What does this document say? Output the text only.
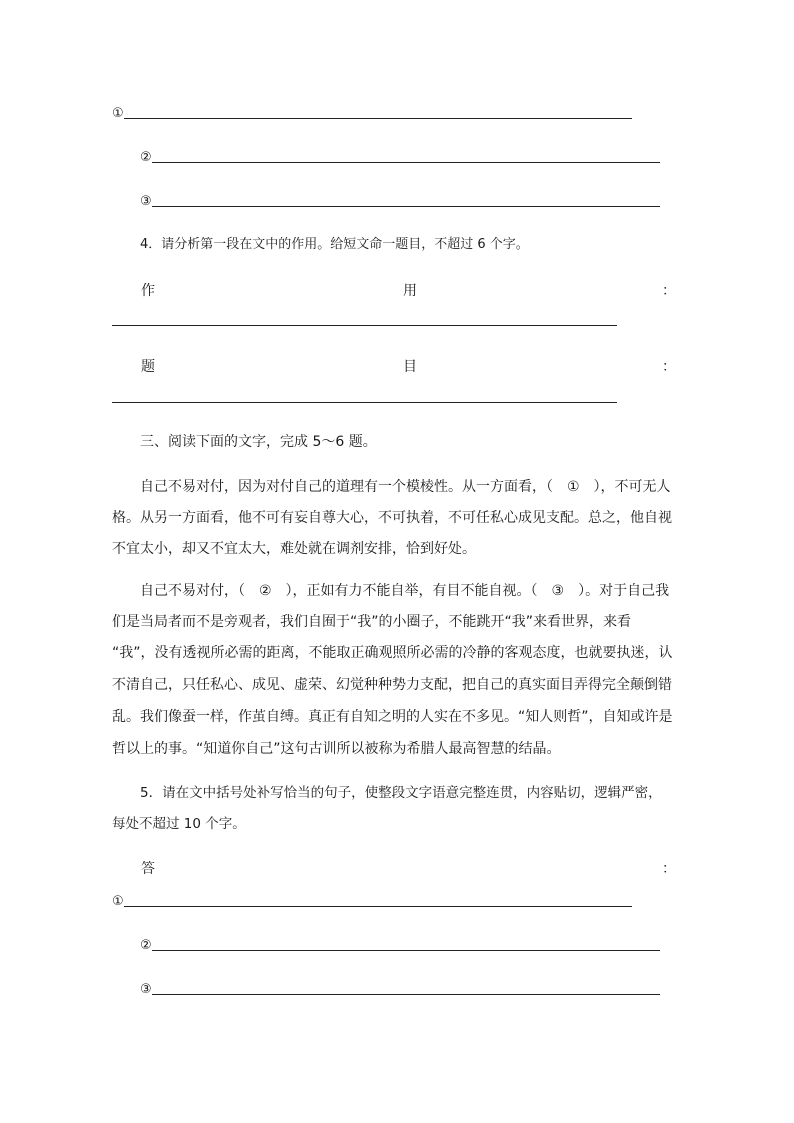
①
②
③
4．请分析第一段在文中的作用。给短文命一题目，不超过 6 个字。
作	用	：
题	目	：
三、阅读下面的文字，完成 5～6 题。
自己不易对付，因为对付自己的道理有一个模棱性。从一方面看，（　①　），不可无人
格。从另一方面看，他不可有妄自尊大心，不可执着，不可任私心成见支配。总之，他自视
不宜太小，却又不宜太大，难处就在调剂安排，恰到好处。
自己不易对付，（　②　），正如有力不能自举，有目不能自视。（　③　）。对于自己我
们是当局者而不是旁观者，我们自囿于“我”的小圈子，不能跳开“我”来看世界，来看
“我”，没有透视所必需的距离，不能取正确观照所必需的冷静的客观态度，也就要执迷，认
不清自己，只任私心、成见、虚荣、幻觉种种势力支配，把自己的真实面目弄得完全颠倒错
乱。我们像蚕一样，作茧自缚。真正有自知之明的人实在不多见。“知人则哲”，自知或许是
哲以上的事。“知道你自己”这句古训所以被称为希腊人最高智慧的结晶。
5．请在文中括号处补写恰当的句子，使整段文字语意完整连贯，内容贴切，逻辑严密，
每处不超过 10 个字。
答	：
①
②
③
